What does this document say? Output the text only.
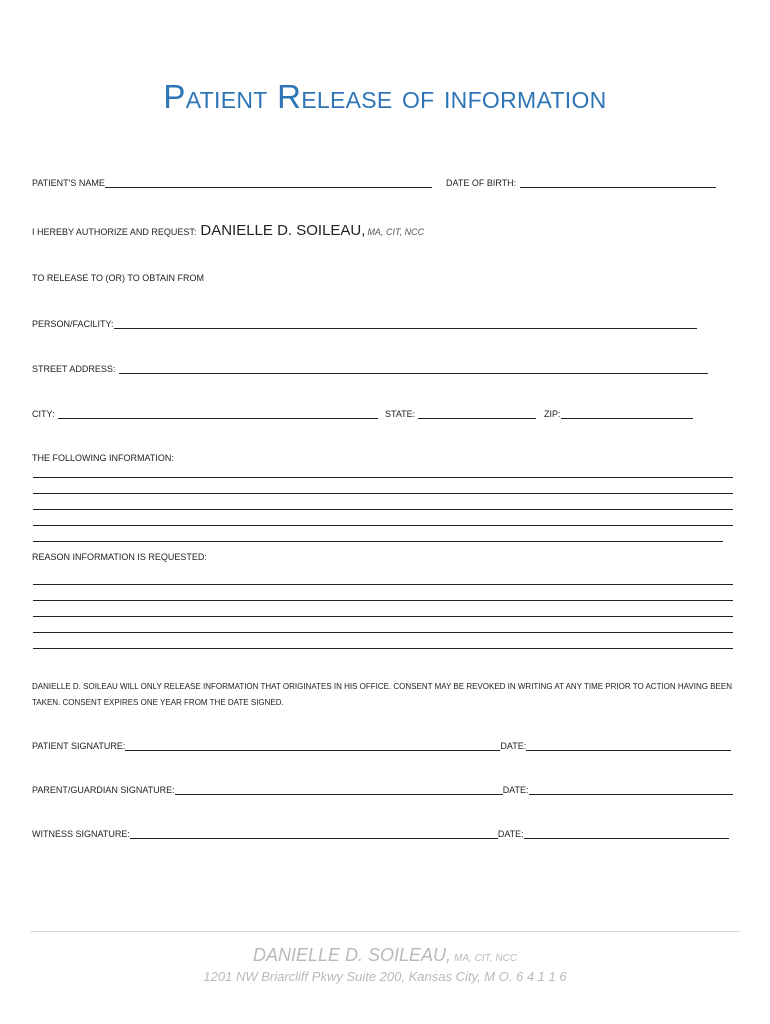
Patient Release of information
PATIENT'S NAME	DATE OF BIRTH:
I HEREBY AUTHORIZE AND REQUEST: DANIELLE D. SOILEAU, MA, CIT, NCC
TO RELEASE TO (OR) TO OBTAIN FROM
PERSON/FACILITY:
STREET ADDRESS:
CITY:	STATE:	ZIP:
THE FOLLOWING INFORMATION:
REASON INFORMATION IS REQUESTED:
DANIELLE D. SOILEAU WILL ONLY RELEASE INFORMATION THAT ORIGINATES IN HIS OFFICE. CONSENT MAY BE REVOKED IN WRITING AT ANY TIME PRIOR TO ACTION HAVING BEEN TAKEN. CONSENT EXPIRES ONE YEAR FROM THE DATE SIGNED.
PATIENT SIGNATURE:	DATE:
PARENT/GUARDIAN SIGNATURE:	DATE:
WITNESS SIGNATURE:	DATE:
DANIELLE D. SOILEAU, MA, CIT, NCC
1201 NW Briarcliff Pkwy Suite 200, Kansas City, M O. 6 4 1 1 6
